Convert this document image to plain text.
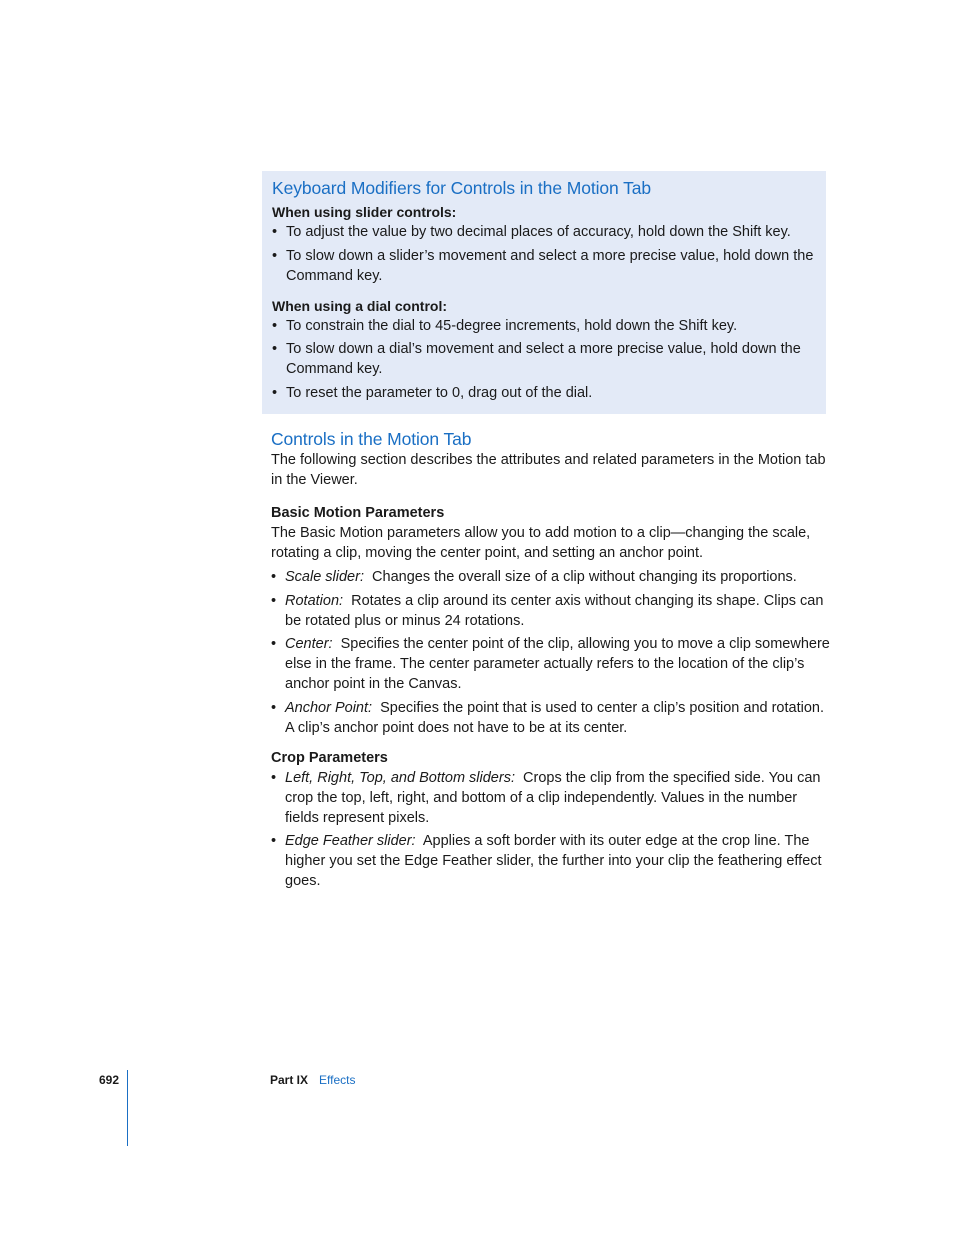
Keyboard Modifiers for Controls in the Motion Tab
When using slider controls:
• To adjust the value by two decimal places of accuracy, hold down the Shift key.
• To slow down a slider’s movement and select a more precise value, hold down the Command key.
When using a dial control:
• To constrain the dial to 45-degree increments, hold down the Shift key.
• To slow down a dial’s movement and select a more precise value, hold down the Command key.
• To reset the parameter to 0, drag out of the dial.
Controls in the Motion Tab

The following section describes the attributes and related parameters in the Motion tab in the Viewer.

Basic Motion Parameters

The Basic Motion parameters allow you to add motion to a clip—changing the scale, rotating a clip, moving the center point, and setting an anchor point.

• Scale slider: Changes the overall size of a clip without changing its proportions.
• Rotation: Rotates a clip around its center axis without changing its shape. Clips can be rotated plus or minus 24 rotations.
• Center: Specifies the center point of the clip, allowing you to move a clip somewhere else in the frame. The center parameter actually refers to the location of the clip’s anchor point in the Canvas.
• Anchor Point: Specifies the point that is used to center a clip’s position and rotation. A clip’s anchor point does not have to be at its center.
Crop Parameters
• Left, Right, Top, and Bottom sliders: Crops the clip from the specified side. You can crop the top, left, right, and bottom of a clip independently. Values in the number fields represent pixels.
• Edge Feather slider: Applies a soft border with its outer edge at the crop line. The higher you set the Edge Feather slider, the further into your clip the feathering effect goes.
692	Part IX Effects
